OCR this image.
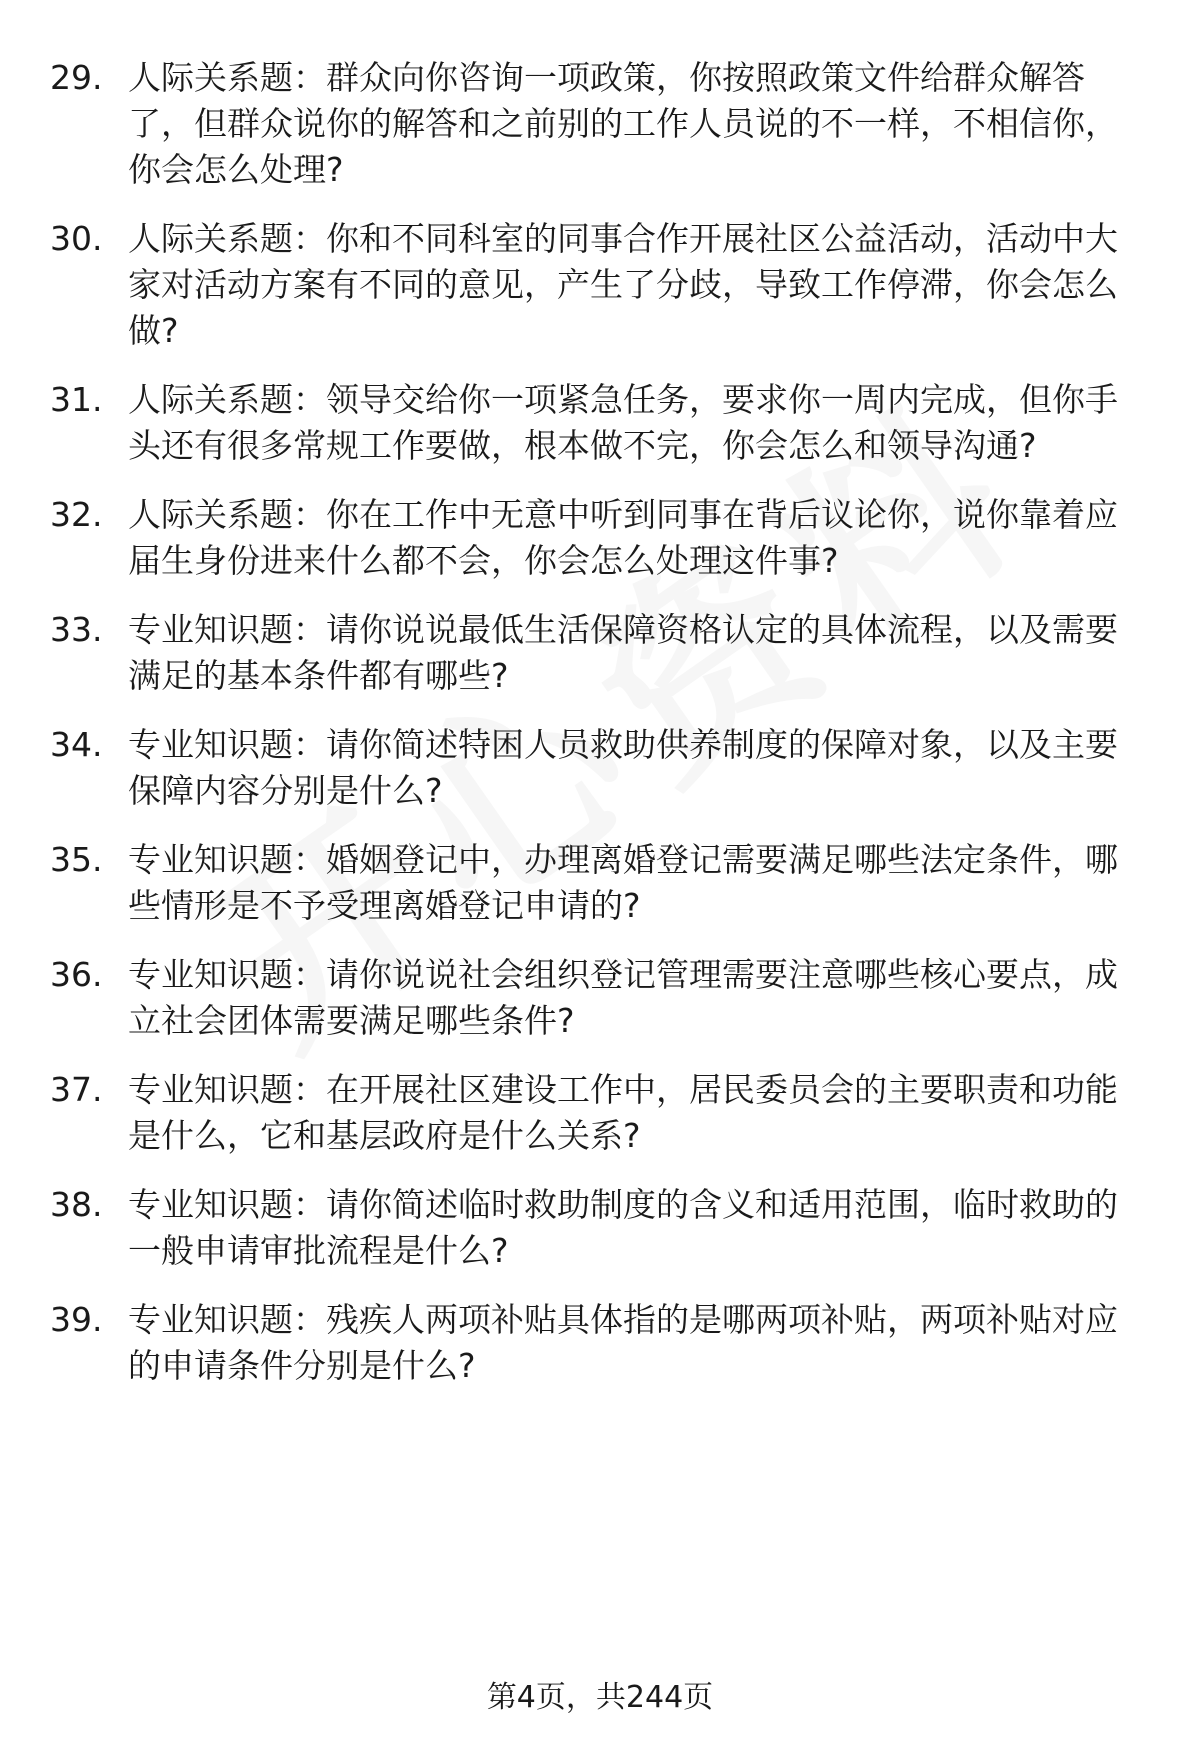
29. 人际关系题：群众向你咨询一项政策，你按照政策文件给群众解答了，但群众说你的解答和之前别的工作人员说的不一样，不相信你，你会怎么处理?
30. 人际关系题：你和不同科室的同事合作开展社区公益活动，活动中大家对活动方案有不同的意见，产生了分歧，导致工作停滞，你会怎么做?
31. 人际关系题：领导交给你一项紧急任务，要求你一周内完成，但你手头还有很多常规工作要做，根本做不完，你会怎么和领导沟通?
32. 人际关系题：你在工作中无意中听到同事在背后议论你，说你靠着应届生身份进来什么都不会，你会怎么处理这件事?
33. 专业知识题：请你说说最低生活保障资格认定的具体流程，以及需要满足的基本条件都有哪些?
34. 专业知识题：请你简述特困人员救助供养制度的保障对象，以及主要保障内容分别是什么?
35. 专业知识题：婚姻登记中，办理离婚登记需要满足哪些法定条件，哪些情形是不予受理离婚登记申请的?
36. 专业知识题：请你说说社会组织登记管理需要注意哪些核心要点，成立社会团体需要满足哪些条件?
37. 专业知识题：在开展社区建设工作中，居民委员会的主要职责和功能是什么，它和基层政府是什么关系?
38. 专业知识题：请你简述临时救助制度的含义和适用范围，临时救助的一般申请审批流程是什么?
39. 专业知识题：残疾人两项补贴具体指的是哪两项补贴，两项补贴对应的申请条件分别是什么?
第4页，共244页
